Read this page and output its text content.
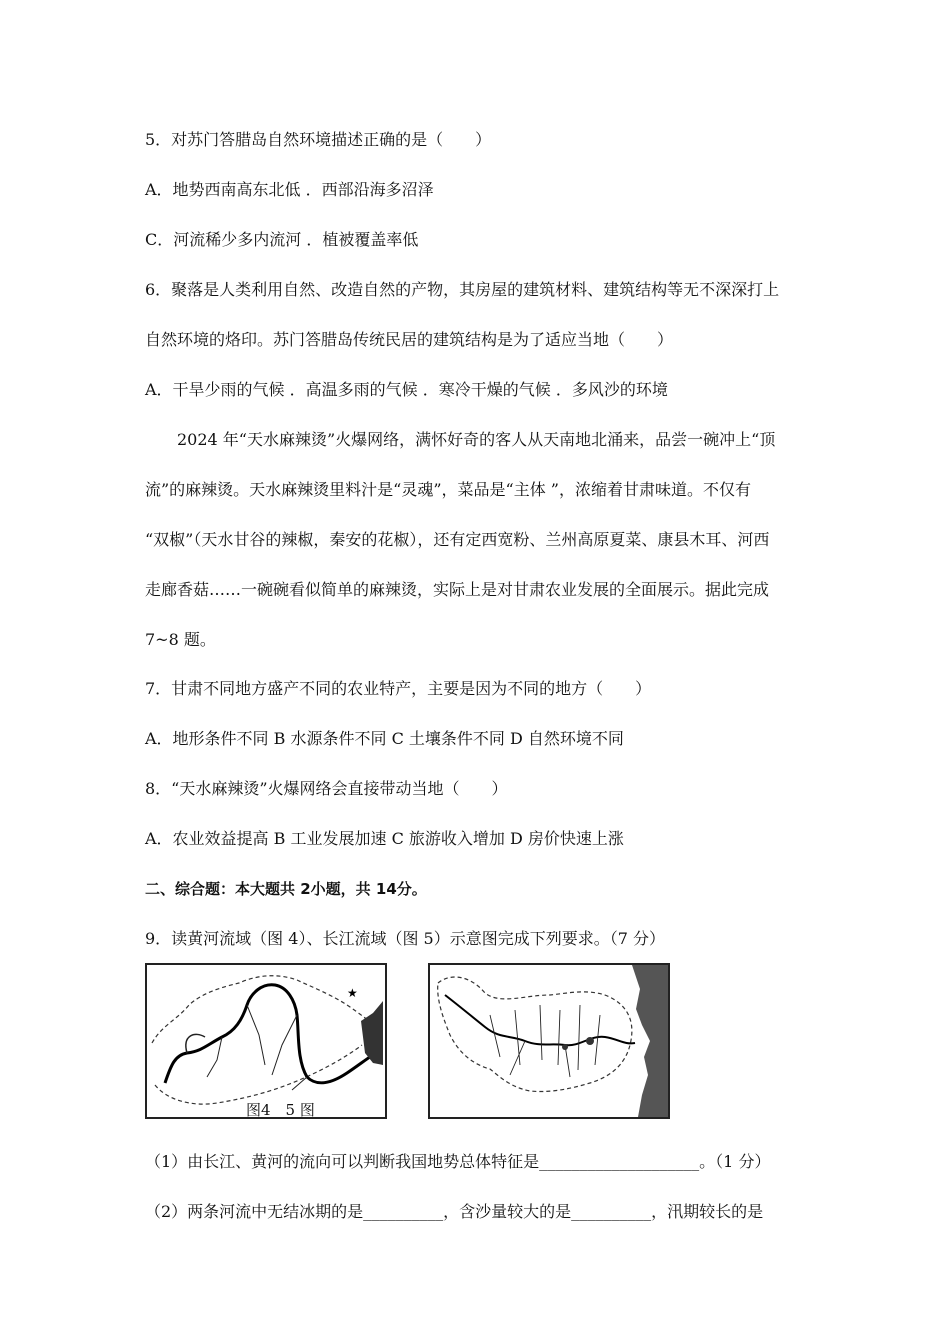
5．对苏门答腊岛自然环境描述正确的是（　　）
A．地势西南高东北低 ．西部沿海多沼泽
C．河流稀少多内流河 ．植被覆盖率低
6．聚落是人类利用自然、改造自然的产物，其房屋的建筑材料、建筑结构等无不深深打上
自然环境的烙印。苏门答腊岛传统民居的建筑结构是为了适应当地（　　）
A．干旱少雨的气候 ．高温多雨的气候 ．寒冷干燥的气候 ．多风沙的环境
2024 年“天水麻辣烫”火爆网络，满怀好奇的客人从天南地北涌来，品尝一碗冲上“顶
流”的麻辣烫。天水麻辣烫里料汁是“灵魂”，菜品是“主体 ”，浓缩着甘肃味道。不仅有
“双椒”（天水甘谷的辣椒，秦安的花椒），还有定西宽粉、兰州高原夏菜、康县木耳、河西
走廊香菇……一碗碗看似简单的麻辣烫，实际上是对甘肃农业发展的全面展示。据此完成
7~8 题。
7．甘肃不同地方盛产不同的农业特产，主要是因为不同的地方（　　）
A．地形条件不同 B 水源条件不同 C 土壤条件不同 D 自然环境不同
8．“天水麻辣烫”火爆网络会直接带动当地（　　）
A．农业效益提高 B 工业发展加速 C 旅游收入增加 D 房价快速上涨
二、综合题：本大题共 2小题，共 14分。
9．读黄河流域（图 4）、长江流域（图 5）示意图完成下列要求。（7 分）
★
图4　5 图
（1）由长江、黄河的流向可以判断我国地势总体特征是____________________。（1 分）
（2）两条河流中无结冰期的是__________，含沙量较大的是__________，汛期较长的是
